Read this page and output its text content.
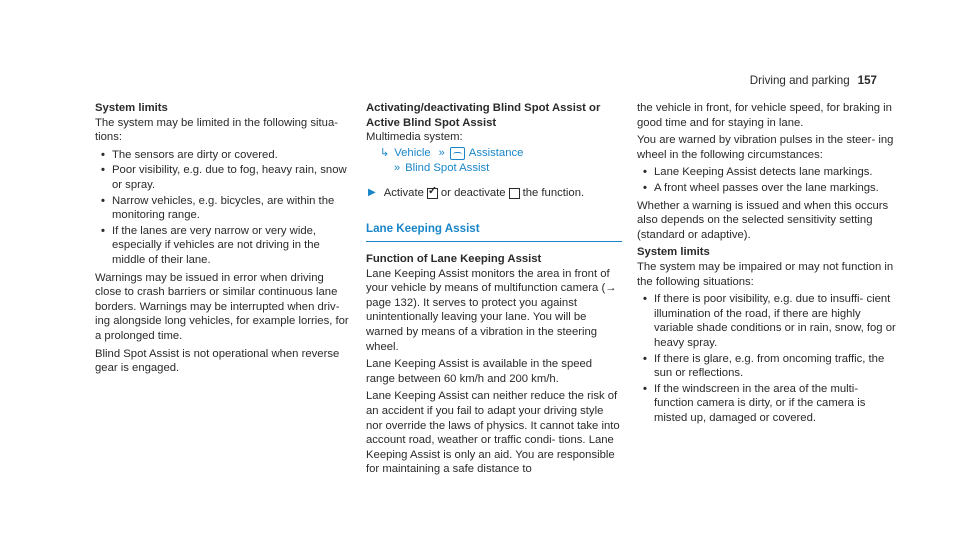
Driving and parking 157
System limits

The system may be limited in the following situa- tions:

• The sensors are dirty or covered.
• Poor visibility, e.g. due to fog, heavy rain, snow or spray.
• Narrow vehicles, e.g. bicycles, are within the monitoring range.
• If the lanes are very narrow or very wide, especially if vehicles are not driving in the middle of their lane.

Warnings may be issued in error when driving close to crash barriers or similar continuous lane borders. Warnings may be interrupted when driv- ing alongside long vehicles, for example lorries, for a prolonged time.

Blind Spot Assist is not operational when reverse gear is engaged.

Activating/deactivating Blind Spot Assist or Active Blind Spot Assist

Multimedia system:

↳ Vehicle » Assistance
» Blind Spot Assist
▶ Activate
✓ or deactivate the function.
Lane Keeping Assist
Function of Lane Keeping Assist

Lane Keeping Assist monitors the area in front of your vehicle by means of multifunction camera (→ page 132). It serves to protect you against unintentionally leaving your lane. You will be warned by means of a vibration in the steering wheel.

Lane Keeping Assist is available in the speed range between 60 km/h and 200 km/h.

Lane Keeping Assist can neither reduce the risk of an accident if you fail to adapt your driving style nor override the laws of physics. It cannot take into account road, weather or traffic condi- tions. Lane Keeping Assist is only an aid. You are responsible for maintaining a safe distance to

the vehicle in front, for vehicle speed, for braking in good time and for staying in lane.

You are warned by vibration pulses in the steer- ing wheel in the following circumstances:

• Lane Keeping Assist detects lane markings.
• A front wheel passes over the lane markings.

Whether a warning is issued and when this occurs also depends on the selected sensitivity setting (standard or adaptive).

System limits

The system may be impaired or may not function in the following situations:

• If there is poor visibility, e.g. due to insuffi- cient illumination of the road, if there are highly variable shade conditions or in rain, snow, fog or heavy spray.
• If there is glare, e.g. from oncoming traffic, the sun or reflections.
• If the windscreen in the area of the multi- function camera is dirty, or if the camera is misted up, damaged or covered.
